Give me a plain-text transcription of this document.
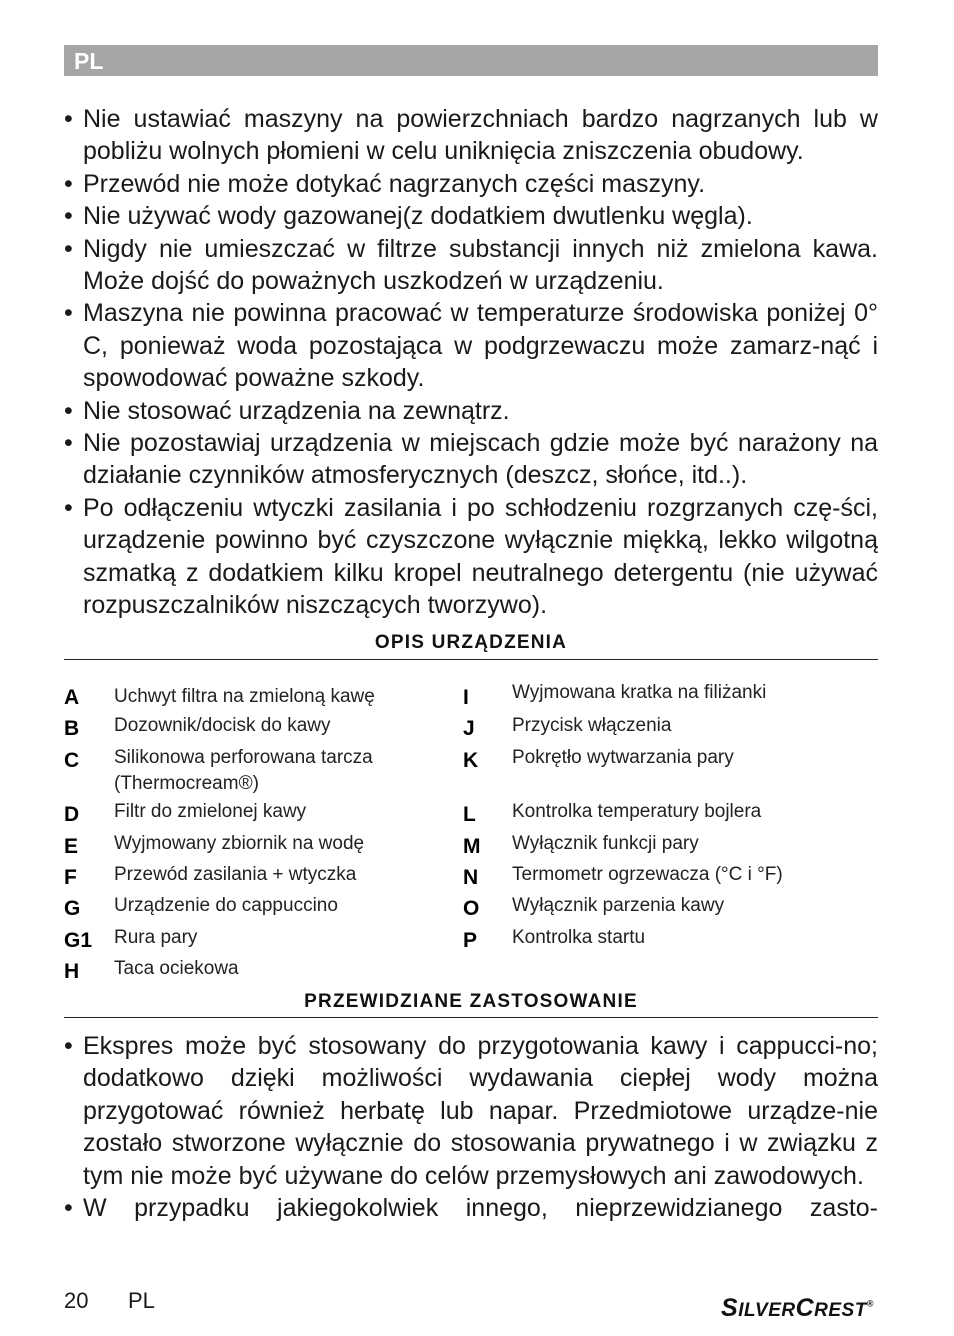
PL
• Nie ustawiać maszyny na powierzchniach bardzo nagrzanych lub w pobliżu wolnych płomieni w celu uniknięcia zniszczenia obudowy.
• Przewód nie może dotykać nagrzanych części maszyny.
• Nie używać wody gazowanej(z dodatkiem dwutlenku węgla).
• Nigdy nie umieszczać w filtrze substancji innych niż zmielona kawa. Może dojść do poważnych uszkodzeń w urządzeniu.
• Maszyna nie powinna pracować w temperaturze środowiska poniżej 0° C, ponieważ woda pozostająca w podgrzewaczu może zamarz-nąć i spowodować poważne szkody.
• Nie stosować urządzenia na zewnątrz.
• Nie pozostawiaj urządzenia w miejscach gdzie może być narażony na działanie czynników atmosferycznych (deszcz, słońce, itd..).
• Po odłączeniu wtyczki zasilania i po schłodzeniu rozgrzanych czę-ści, urządzenie powinno być czyszczone wyłącznie miękką, lekko wilgotną szmatką z dodatkiem kilku kropel neutralnego detergentu (nie używać rozpuszczalników niszczących tworzywo).
OPIS URZĄDZENIA
A Uchwyt filtra na zmieloną kawę
B Dozownik/docisk do kawy
C Silikonowa perforowana tarcza
(Thermocream®)
D Filtr do zmielonej kawy
E Wyjmowany zbiornik na wodę
F Przewód zasilania + wtyczka
G Urządzenie do cappuccino
G1 Rura pary
H Taca ociekowa
I Wyjmowana kratka na filiżanki
J Przycisk włączenia
K Pokrętło wytwarzania pary
L Kontrolka temperatury bojlera
M Wyłącznik funkcji pary
N Termometr ogrzewacza (°C i °F)
O Wyłącznik parzenia kawy
P Kontrolka startu
PRZEWIDZIANE ZASTOSOWANIE
• Ekspres może być stosowany do przygotowania kawy i cappucci-no; dodatkowo dzięki możliwości wydawania ciepłej wody można przygotować również herbatę lub napar. Przedmiotowe urządze-nie zostało stworzone wyłącznie do stosowania prywatnego i w związku z tym nie może być używane do celów przemysłowych ani zawodowych.
• W przypadku jakiegokolwiek innego, nieprzewidzianego zasto-
20 PL	SILVERCREST®
